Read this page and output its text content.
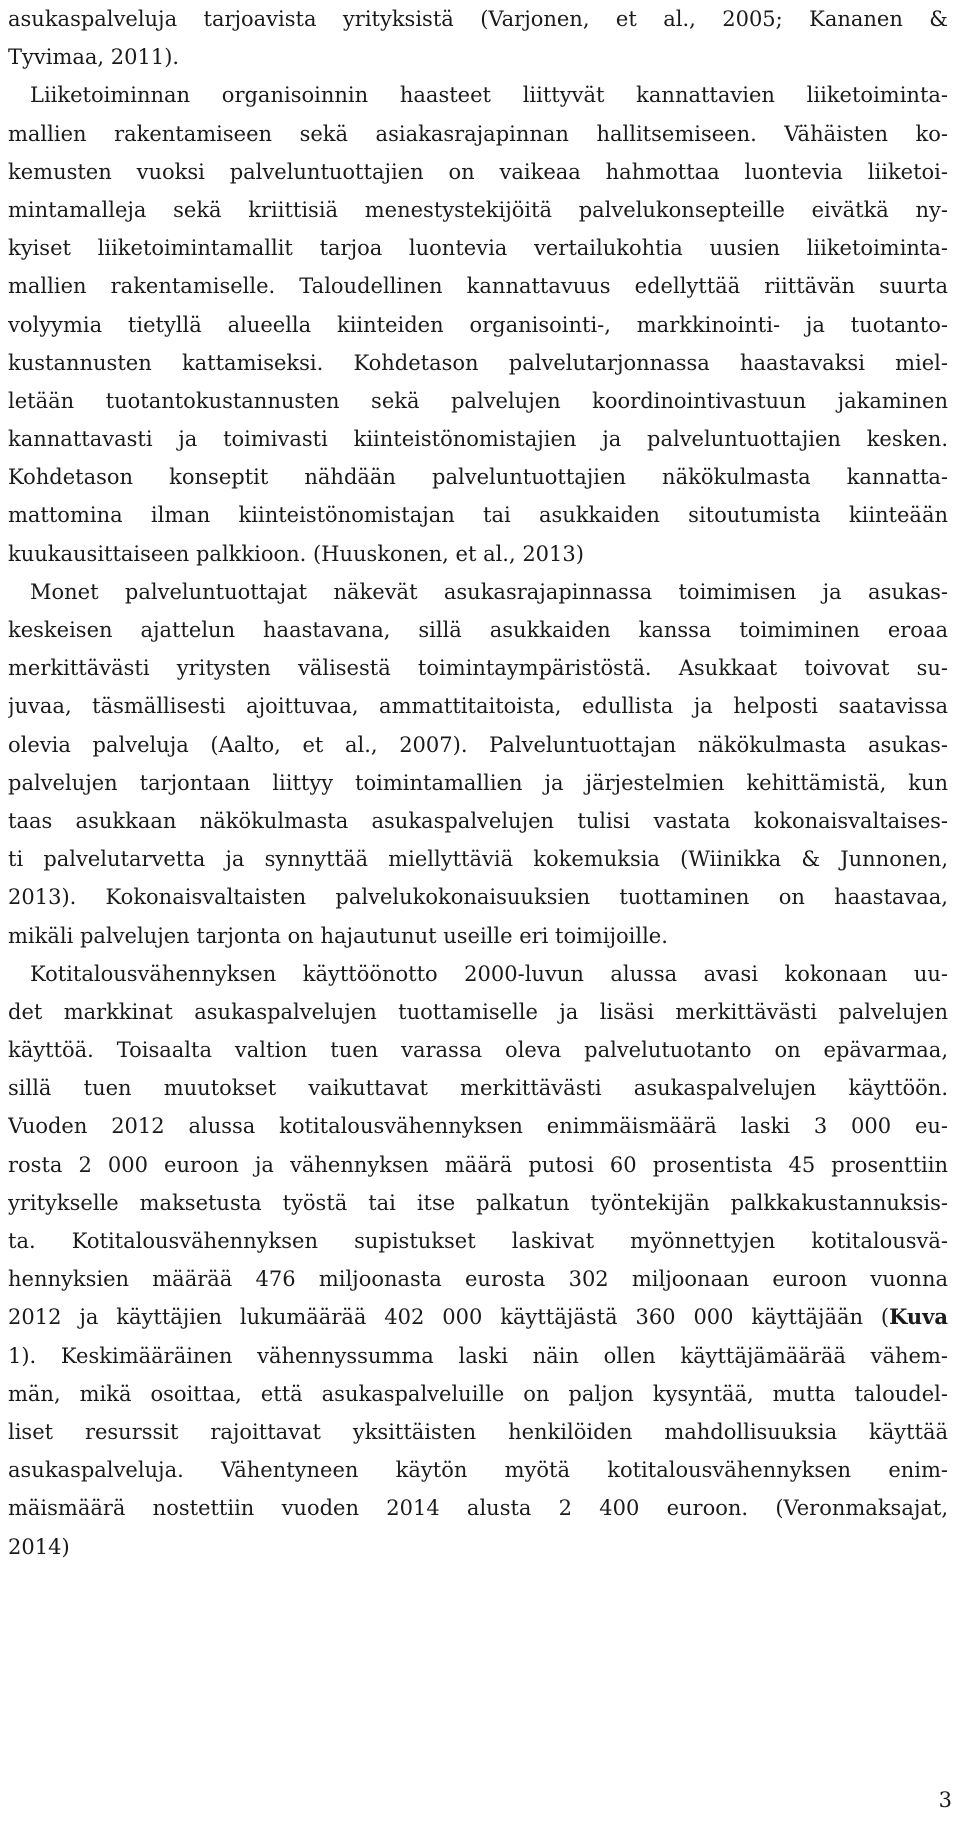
asukaspalveluja tarjoavista yrityksistä (Varjonen, et al., 2005; Kananen &
Tyvimaa, 2011).
Liiketoiminnan organisoinnin haasteet liittyvät kannattavien liiketoiminta-
mallien rakentamiseen sekä asiakasrajapinnan hallitsemiseen. Vähäisten ko-
kemusten vuoksi palveluntuottajien on vaikeaa hahmottaa luontevia liiketoi-
mintamalleja sekä kriittisiä menestystekijöitä palvelukonsepteille eivätkä ny-
kyiset liiketoimintamallit tarjoa luontevia vertailukohtia uusien liiketoiminta-
mallien rakentamiselle. Taloudellinen kannattavuus edellyttää riittävän suurta
volyymia tietyllä alueella kiinteiden organisointi-, markkinointi- ja tuotanto-
kustannusten kattamiseksi. Kohdetason palvelutarjonnassa haastavaksi miel-
letään tuotantokustannusten sekä palvelujen koordinointivastuun jakaminen
kannattavasti ja toimivasti kiinteistönomistajien ja palveluntuottajien kesken.
Kohdetason konseptit nähdään palveluntuottajien näkökulmasta kannatta-
mattomina ilman kiinteistönomistajan tai asukkaiden sitoutumista kiinteään
kuukausittaiseen palkkioon. (Huuskonen, et al., 2013)
Monet palveluntuottajat näkevät asukasrajapinnassa toimimisen ja asukas-
keskeisen ajattelun haastavana, sillä asukkaiden kanssa toimiminen eroaa
merkittävästi yritysten välisestä toimintaympäristöstä. Asukkaat toivovat su-
juvaa, täsmällisesti ajoittuvaa, ammattitaitoista, edullista ja helposti saatavissa
olevia palveluja (Aalto, et al., 2007). Palveluntuottajan näkökulmasta asukas-
palvelujen tarjontaan liittyy toimintamallien ja järjestelmien kehittämistä, kun
taas asukkaan näkökulmasta asukaspalvelujen tulisi vastata kokonaisvaltaises-
ti palvelutarvetta ja synnyttää miellyttäviä kokemuksia (Wiinikka & Junnonen,
2013). Kokonaisvaltaisten palvelukokonaisuuksien tuottaminen on haastavaa,
mikäli palvelujen tarjonta on hajautunut useille eri toimijoille.
Kotitalousvähennyksen käyttöönotto 2000-luvun alussa avasi kokonaan uu-
det markkinat asukaspalvelujen tuottamiselle ja lisäsi merkittävästi palvelujen
käyttöä. Toisaalta valtion tuen varassa oleva palvelutuotanto on epävarmaa,
sillä tuen muutokset vaikuttavat merkittävästi asukaspalvelujen käyttöön.
Vuoden 2012 alussa kotitalousvähennyksen enimmäismäärä laski 3 000 eu-
rosta 2 000 euroon ja vähennyksen määrä putosi 60 prosentista 45 prosenttiin
yritykselle maksetusta työstä tai itse palkatun työntekijän palkkakustannuksis-
ta. Kotitalousvähennyksen supistukset laskivat myönnettyjen kotitalousvä-
hennyksien määrää 476 miljoonasta eurosta 302 miljoonaan euroon vuonna
2012 ja käyttäjien lukumäärää 402 000 käyttäjästä 360 000 käyttäjään (Kuva
1). Keskimääräinen vähennyssumma laski näin ollen käyttäjämäärää vähem-
män, mikä osoittaa, että asukaspalveluille on paljon kysyntää, mutta taloudel-
liset resurssit rajoittavat yksittäisten henkilöiden mahdollisuuksia käyttää
asukaspalveluja. Vähentyneen käytön myötä kotitalousvähennyksen enim-
mäismäärä nostettiin vuoden 2014 alusta 2 400 euroon. (Veronmaksajat,
2014)
3
